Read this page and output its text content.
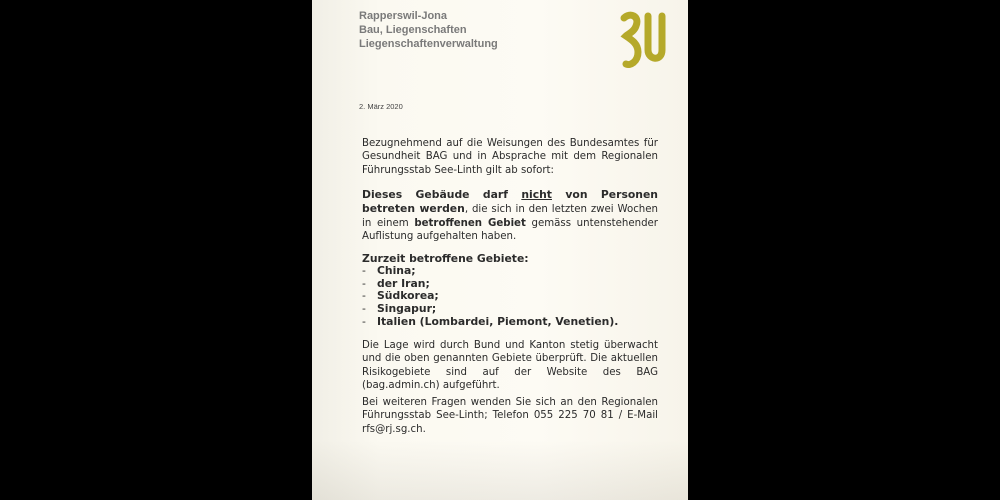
Rapperswil-Jona
Bau, Liegenschaften
Liegenschaftenverwaltung
2. März 2020
Bezugnehmend auf die Weisungen des Bundesamtes für Gesundheit BAG und in Absprache mit dem Regionalen Führungsstab See-Linth gilt ab sofort:
Dieses Gebäude darf nicht von Personen betreten werden, die sich in den letzten zwei Wochen in einem betroffenen Gebiet gemäss untenstehender Auflistung aufgehalten haben.
Zurzeit betroffene Gebiete:
-	China;
-	der Iran;
-	Südkorea;
-	Singapur;
-	Italien (Lombardei, Piemont, Venetien).
Die Lage wird durch Bund und Kanton stetig überwacht und die oben genannten Gebiete überprüft. Die aktuellen Risikogebiete sind auf der Website des BAG (bag.admin.ch) aufgeführt.
Bei weiteren Fragen wenden Sie sich an den Regionalen Führungsstab See-Linth; Telefon 055 225 70 81 / E-Mail rfs@rj.sg.ch.
